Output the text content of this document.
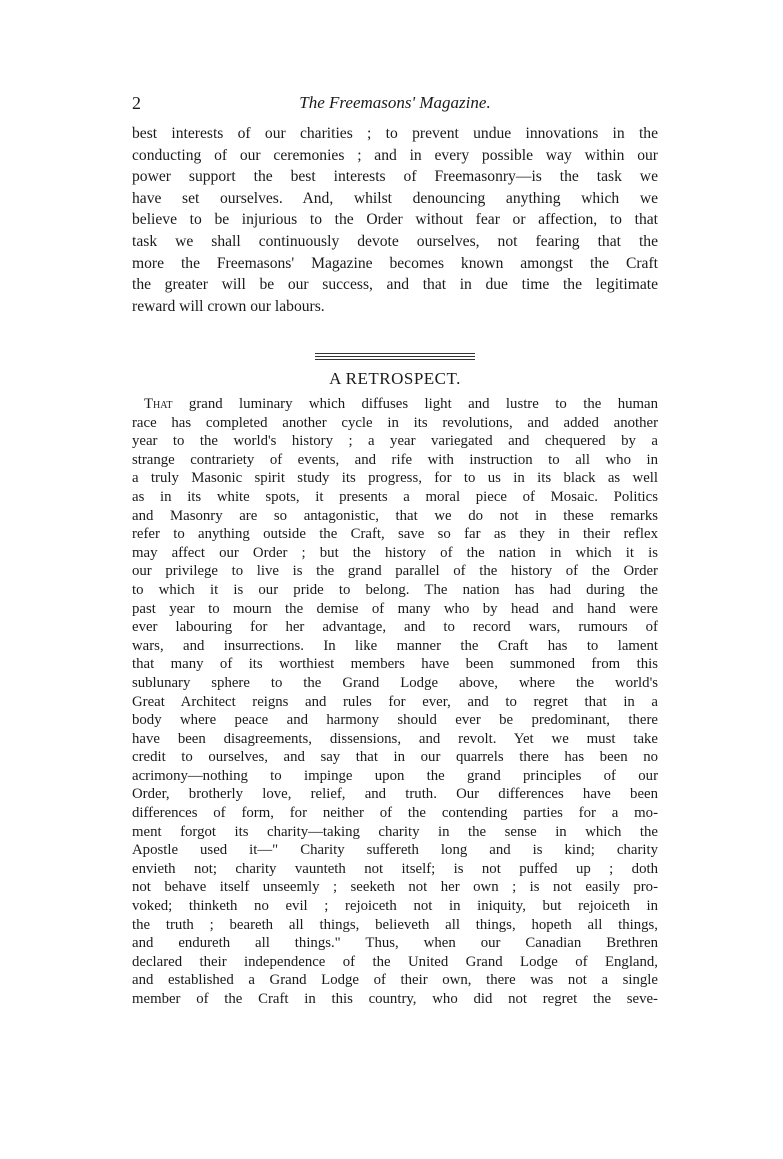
2	The Freemasons' Magazine.
best interests of our charities ; to prevent undue innovations in the
conducting of our ceremonies ; and in every possible way within our
power support the best interests of Freemasonry—is the task we
have set ourselves. And, whilst denouncing anything which we
believe to be injurious to the Order without fear or affection, to that
task we shall continuously devote ourselves, not fearing that the
more the Freemasons' Magazine becomes known amongst the Craft
the greater will be our success, and that in due time the legitimate
reward will crown our labours.
A RETROSPECT.
That grand luminary which diffuses light and lustre to the human
race has completed another cycle in its revolutions, and added another
year to the world's history ; a year variegated and chequered by a
strange contrariety of events, and rife with instruction to all who in
a truly Masonic spirit study its progress, for to us in its black as well
as in its white spots, it presents a moral piece of Mosaic. Politics
and Masonry are so antagonistic, that we do not in these remarks
refer to anything outside the Craft, save so far as they in their reflex
may affect our Order ; but the history of the nation in which it is
our privilege to live is the grand parallel of the history of the Order
to which it is our pride to belong. The nation has had during the
past year to mourn the demise of many who by head and hand were
ever labouring for her advantage, and to record wars, rumours of
wars, and insurrections. In like manner the Craft has to lament
that many of its worthiest members have been summoned from this
sublunary sphere to the Grand Lodge above, where the world's
Great Architect reigns and rules for ever, and to regret that in a
body where peace and harmony should ever be predominant, there
have been disagreements, dissensions, and revolt. Yet we must take
credit to ourselves, and say that in our quarrels there has been no
acrimony—nothing to impinge upon the grand principles of our
Order, brotherly love, relief, and truth. Our differences have been
differences of form, for neither of the contending parties for a mo-
ment forgot its charity—taking charity in the sense in which the
Apostle used it—" Charity suffereth long and is kind; charity
envieth not; charity vaunteth not itself; is not puffed up ; doth
not behave itself unseemly ; seeketh not her own ; is not easily pro-
voked; thinketh no evil ; rejoiceth not in iniquity, but rejoiceth in
the truth ; beareth all things, believeth all things, hopeth all things,
and endureth all things." Thus, when our Canadian Brethren
declared their independence of the United Grand Lodge of England,
and established a Grand Lodge of their own, there was not a single
member of the Craft in this country, who did not regret the seve-
